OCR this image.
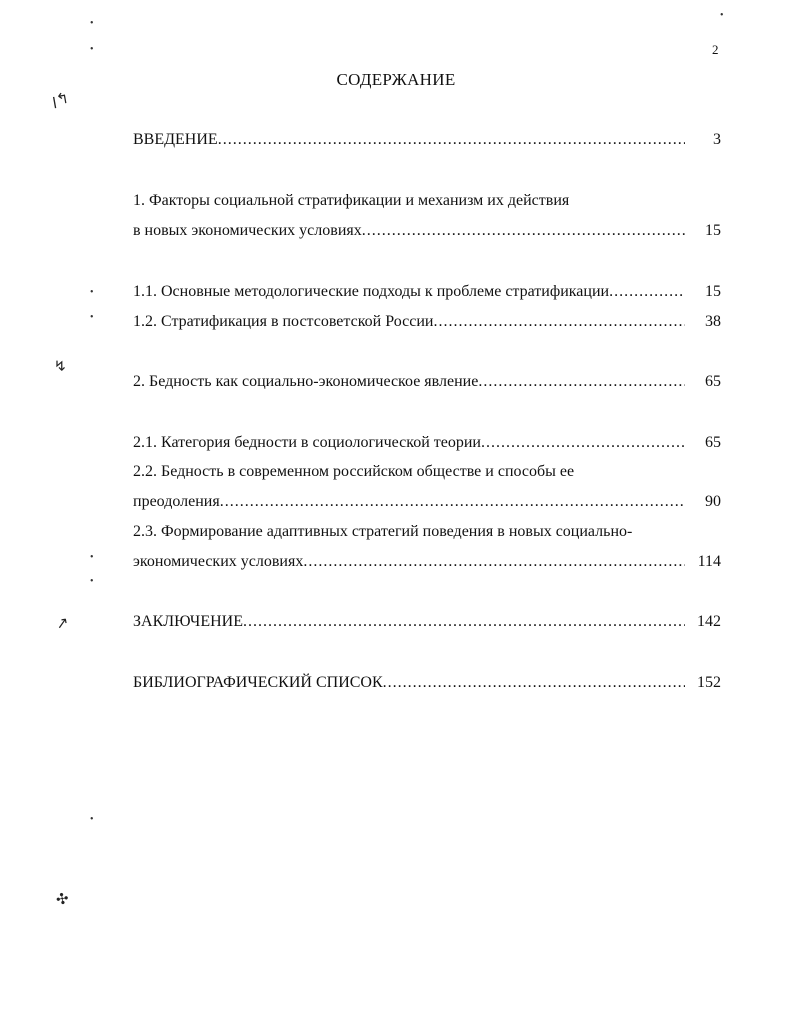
•
•
•
ꞁ↰
•
•
↯
•
•
↗
•
✣
2
СОДЕРЖАНИЕ
ВВЕДЕНИЕ .....	3
1. Факторы социальной стратификации и механизм их действия
в новых экономических условиях .....	15
1.1. Основные методологические подходы к проблеме стратификации .....	15
1.2. Стратификация в постсоветской России .....	38
2. Бедность как социально-экономическое явление .....	65
2.1. Категория бедности в социологической теории .....	65
2.2. Бедность в современном российском обществе и способы ее
преодоления .....	90
2.3. Формирование адаптивных стратегий поведения в новых социально-
экономических условиях .....	114
ЗАКЛЮЧЕНИЕ .....	142
БИБЛИОГРАФИЧЕСКИЙ СПИСОК .....	152
